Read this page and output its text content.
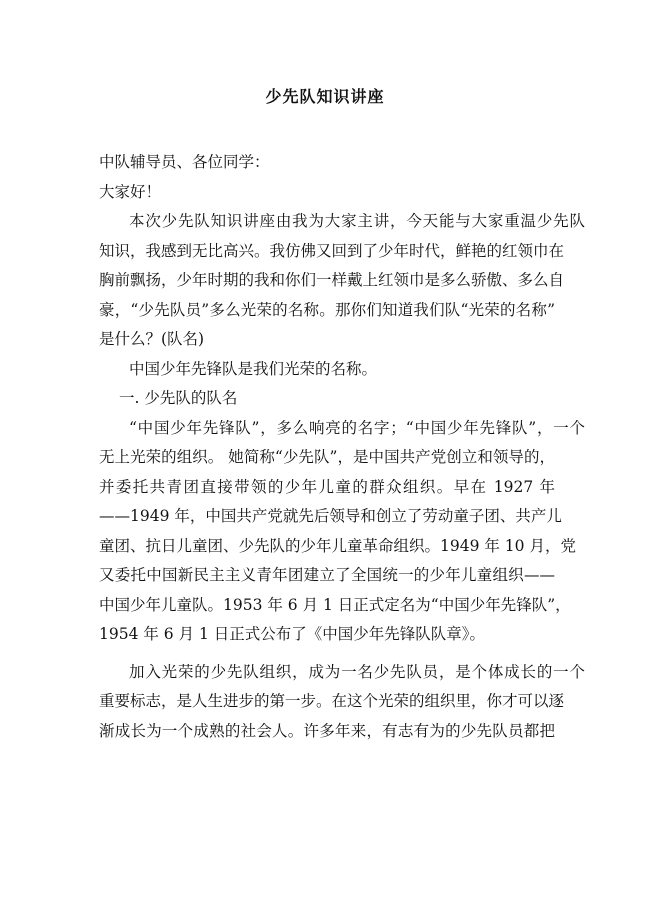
少先队知识讲座
中队辅导员、各位同学：
大家好！
本次少先队知识讲座由我为大家主讲，今天能与大家重温少先队
知识，我感到无比高兴。我仿佛又回到了少年时代，鲜艳的红领巾在
胸前飘扬，少年时期的我和你们一样戴上红领巾是多么骄傲、多么自
豪，“少先队员”多么光荣的名称。那你们知道我们队“光荣的名称”
是什么？(队名)
中国少年先锋队是我们光荣的名称。
一. 少先队的队名
“中国少年先锋队”，多么响亮的名字；“中国少年先锋队”，一个
无上光荣的组织。 她简称“少先队”，是中国共产党创立和领导的，
并委托共青团直接带领的少年儿童的群众组织。早在 1927 年
——1949 年，中国共产党就先后领导和创立了劳动童子团、共产儿
童团、抗日儿童团、少先队的少年儿童革命组织。1949 年 10 月，党
又委托中国新民主主义青年团建立了全国统一的少年儿童组织——
中国少年儿童队。1953 年 6 月 1 日正式定名为“中国少年先锋队”，
1954 年 6 月 1 日正式公布了《中国少年先锋队队章》。
加入光荣的少先队组织，成为一名少先队员，是个体成长的一个
重要标志，是人生进步的第一步。在这个光荣的组织里，你才可以逐
渐成长为一个成熟的社会人。许多年来，有志有为的少先队员都把
